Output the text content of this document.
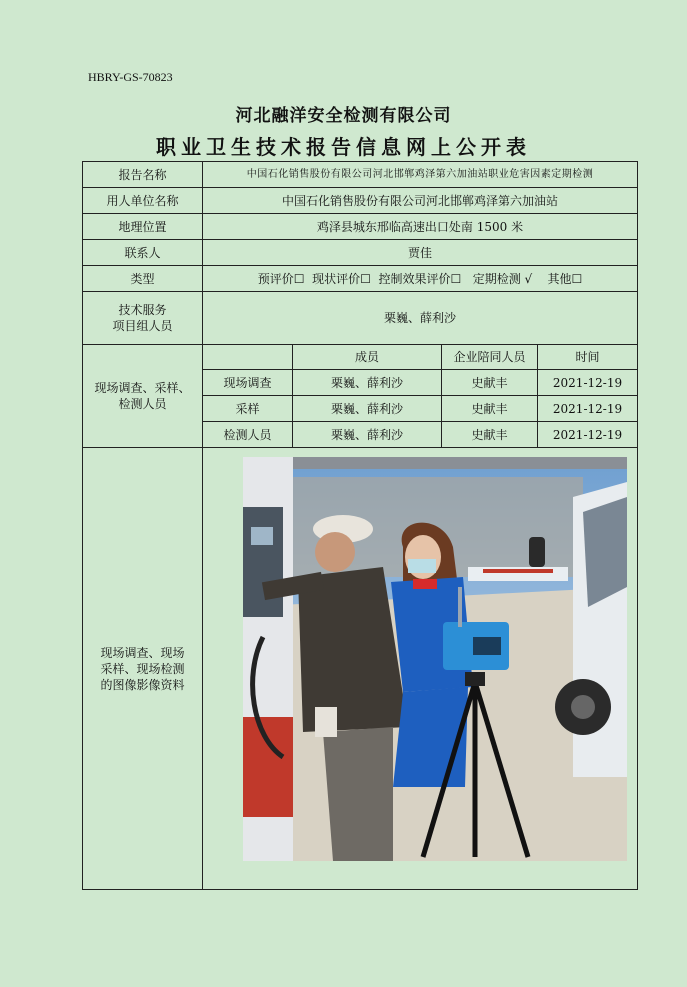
HBRY-GS-70823
河北融洋安全检测有限公司
职业卫生技术报告信息网上公开表
报告名称	中国石化销售股份有限公司河北邯郸鸡泽第六加油站职业危害因素定期检测			
用人单位名称	中国石化销售股份有限公司河北邯郸鸡泽第六加油站			
地理位置	鸡泽县城东邢临高速出口处南 1500 米			
联系人	贾佳			
类型	预评价☐  现状评价☐  控制效果评价☐   定期检测 √    其他☐			

技术服务
项目组人员	栗巍、薛利沙			

现场调查、采样、
检测人员		成员	企业陪同人员	时间
	现场调查	栗巍、薛利沙	史献丰	2021-12-19
	采样	栗巍、薛利沙	史献丰	2021-12-19
	检测人员	栗巍、薛利沙	史献丰	2021-12-19

现场调查、现场
采样、现场检测
的图像影像资料
